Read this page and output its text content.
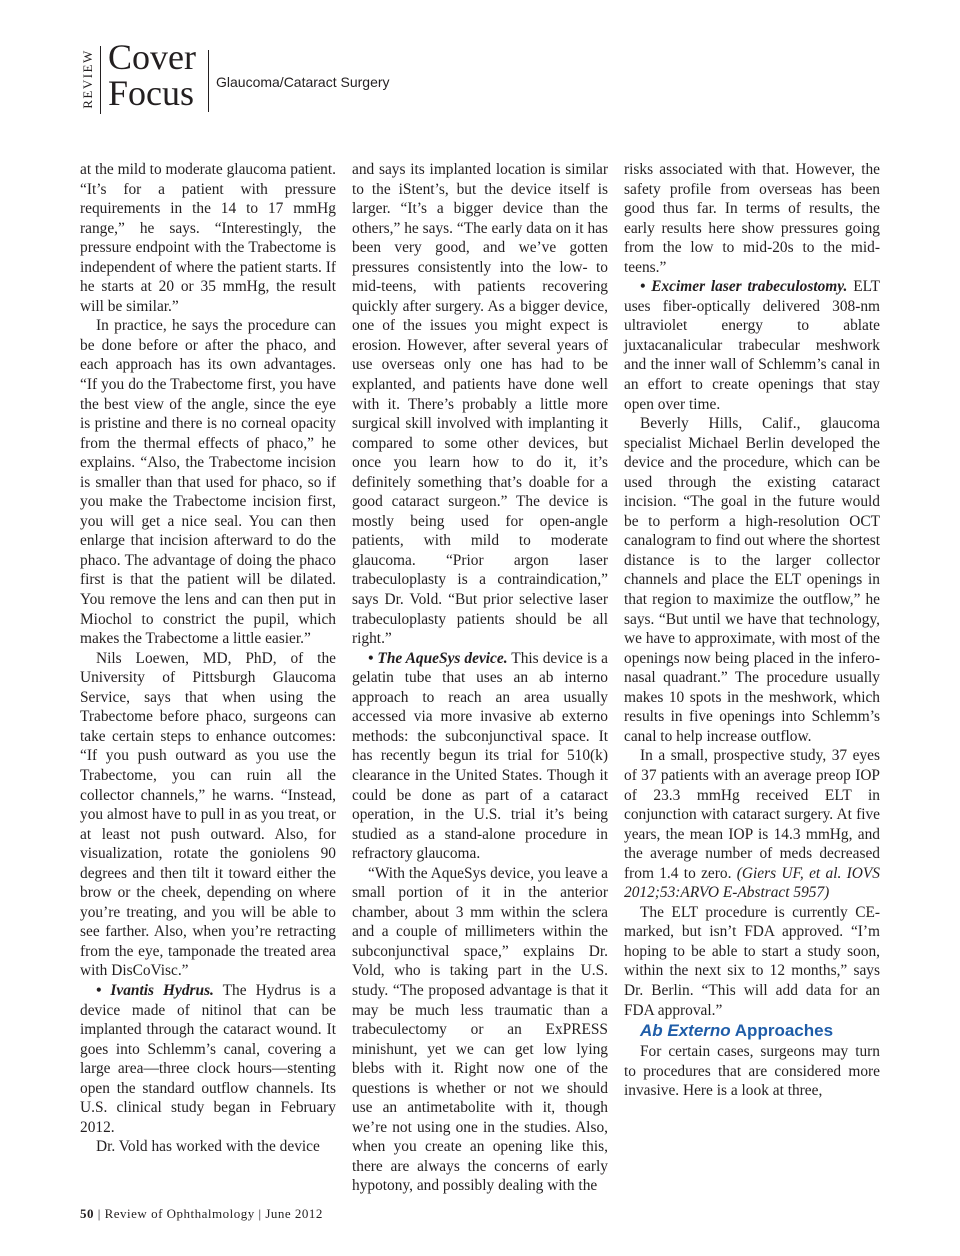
REVIEW Cover
Focus Glaucoma/Cataract Surgery

at the mild to moderate glaucoma patient. “It’s for a patient with pressure requirements in the 14 to 17 mmHg range,” he says. “Interestingly, the pressure endpoint with the Trabectome is independent of where the patient starts. If he starts at 20 or 35 mmHg, the result will be similar.”

In practice, he says the procedure can be done before or after the phaco, and each approach has its own advantages. “If you do the Trabectome first, you have the best view of the angle, since the eye is pristine and there is no corneal opacity from the thermal effects of phaco,” he explains. “Also, the Trabectome incision is smaller than that used for phaco, so if you make the Trabectome incision first, you will get a nice seal. You can then enlarge that incision afterward to do the phaco. The advantage of doing the phaco first is that the patient will be dilated. You remove the lens and can then put in Miochol to constrict the pupil, which makes the Trabectome a little easier.”

Nils Loewen, MD, PhD, of the University of Pittsburgh Glaucoma Service, says that when using the Trabectome before phaco, surgeons can take certain steps to enhance outcomes: “If you push outward as you use the Trabectome, you can ruin all the collector channels,” he warns. “Instead, you almost have to pull in as you treat, or at least not push outward. Also, for visualization, rotate the goniolens 90 degrees and then tilt it toward either the brow or the cheek, depending on where you’re treating, and you will be able to see farther. Also, when you’re retracting from the eye, tamponade the treated area with DisCoVisc.”

• Ivantis Hydrus. The Hydrus is a device made of nitinol that can be implanted through the cataract wound. It goes into Schlemm’s canal, covering a large area—three clock hours—stenting open the standard outflow channels. Its U.S. clinical study began in February 2012.

Dr. Vold has worked with the device

and says its implanted location is similar to the iStent’s, but the device itself is larger. “It’s a bigger device than the others,” he says. “The early data on it has been very good, and we’ve gotten pressures consistently into the low- to mid-teens, with patients recovering quickly after surgery. As a bigger device, one of the issues you might expect is erosion. However, after several years of use overseas only one has had to be explanted, and patients have done well with it. There’s probably a little more surgical skill involved with implanting it compared to some other devices, but once you learn how to do it, it’s definitely something that’s doable for a good cataract surgeon.” The device is mostly being used for open-angle patients, with mild to moderate glaucoma. “Prior argon laser trabeculoplasty is a contraindication,” says Dr. Vold. “But prior selective laser trabeculoplasty patients should be all right.”

• The AqueSys device. This device is a gelatin tube that uses an ab interno approach to reach an area usually accessed via more invasive ab externo methods: the subconjunctival space. It has recently begun its trial for 510(k) clearance in the United States. Though it could be done as part of a cataract operation, in the U.S. trial it’s being studied as a stand-alone procedure in refractory glaucoma.

“With the AqueSys device, you leave a small portion of it in the anterior chamber, about 3 mm within the sclera and a couple of millimeters within the subconjunctival space,” explains Dr. Vold, who is taking part in the U.S. study. “The proposed advantage is that it may be much less traumatic than a trabeculectomy or an ExPRESS minishunt, yet we can get low lying blebs with it. Right now one of the questions is whether or not we should use an antimetabolite with it, though we’re not using one in the studies. Also, when you create an opening like this, there are always the concerns of early hypotony, and possibly dealing with the

risks associated with that. However, the safety profile from overseas has been good thus far. In terms of results, the early results here show pressures going from the low to mid-20s to the mid-teens.”

• Excimer laser trabeculostomy. ELT uses fiber-optically delivered 308-nm ultraviolet energy to ablate juxtacanalicular trabecular meshwork and the inner wall of Schlemm’s canal in an effort to create openings that stay open over time.

Beverly Hills, Calif., glaucoma specialist Michael Berlin developed the device and the procedure, which can be used through the existing cataract incision. “The goal in the future would be to perform a high-resolution OCT canalogram to find out where the shortest distance is to the larger collector channels and place the ELT openings in that region to maximize the outflow,” he says. “But until we have that technology, we have to approximate, with most of the openings now being placed in the infero-nasal quadrant.” The procedure usually makes 10 spots in the meshwork, which results in five openings into Schlemm’s canal to help increase outflow.

In a small, prospective study, 37 eyes of 37 patients with an average preop IOP of 23.3 mmHg received ELT in conjunction with cataract surgery. At five years, the mean IOP is 14.3 mmHg, and the average number of meds decreased from 1.4 to zero. (Giers UF, et al. IOVS 2012;53:ARVO E-Abstract 5957)

The ELT procedure is currently CE-marked, but isn’t FDA approved. “I’m hoping to be able to start a study soon, within the next six to 12 months,” says Dr. Berlin. “This will add data for an FDA approval.”

Ab Externo Approaches

For certain cases, surgeons may turn to procedures that are considered more invasive. Here is a look at three,

50 | Review of Ophthalmology | June 2012
